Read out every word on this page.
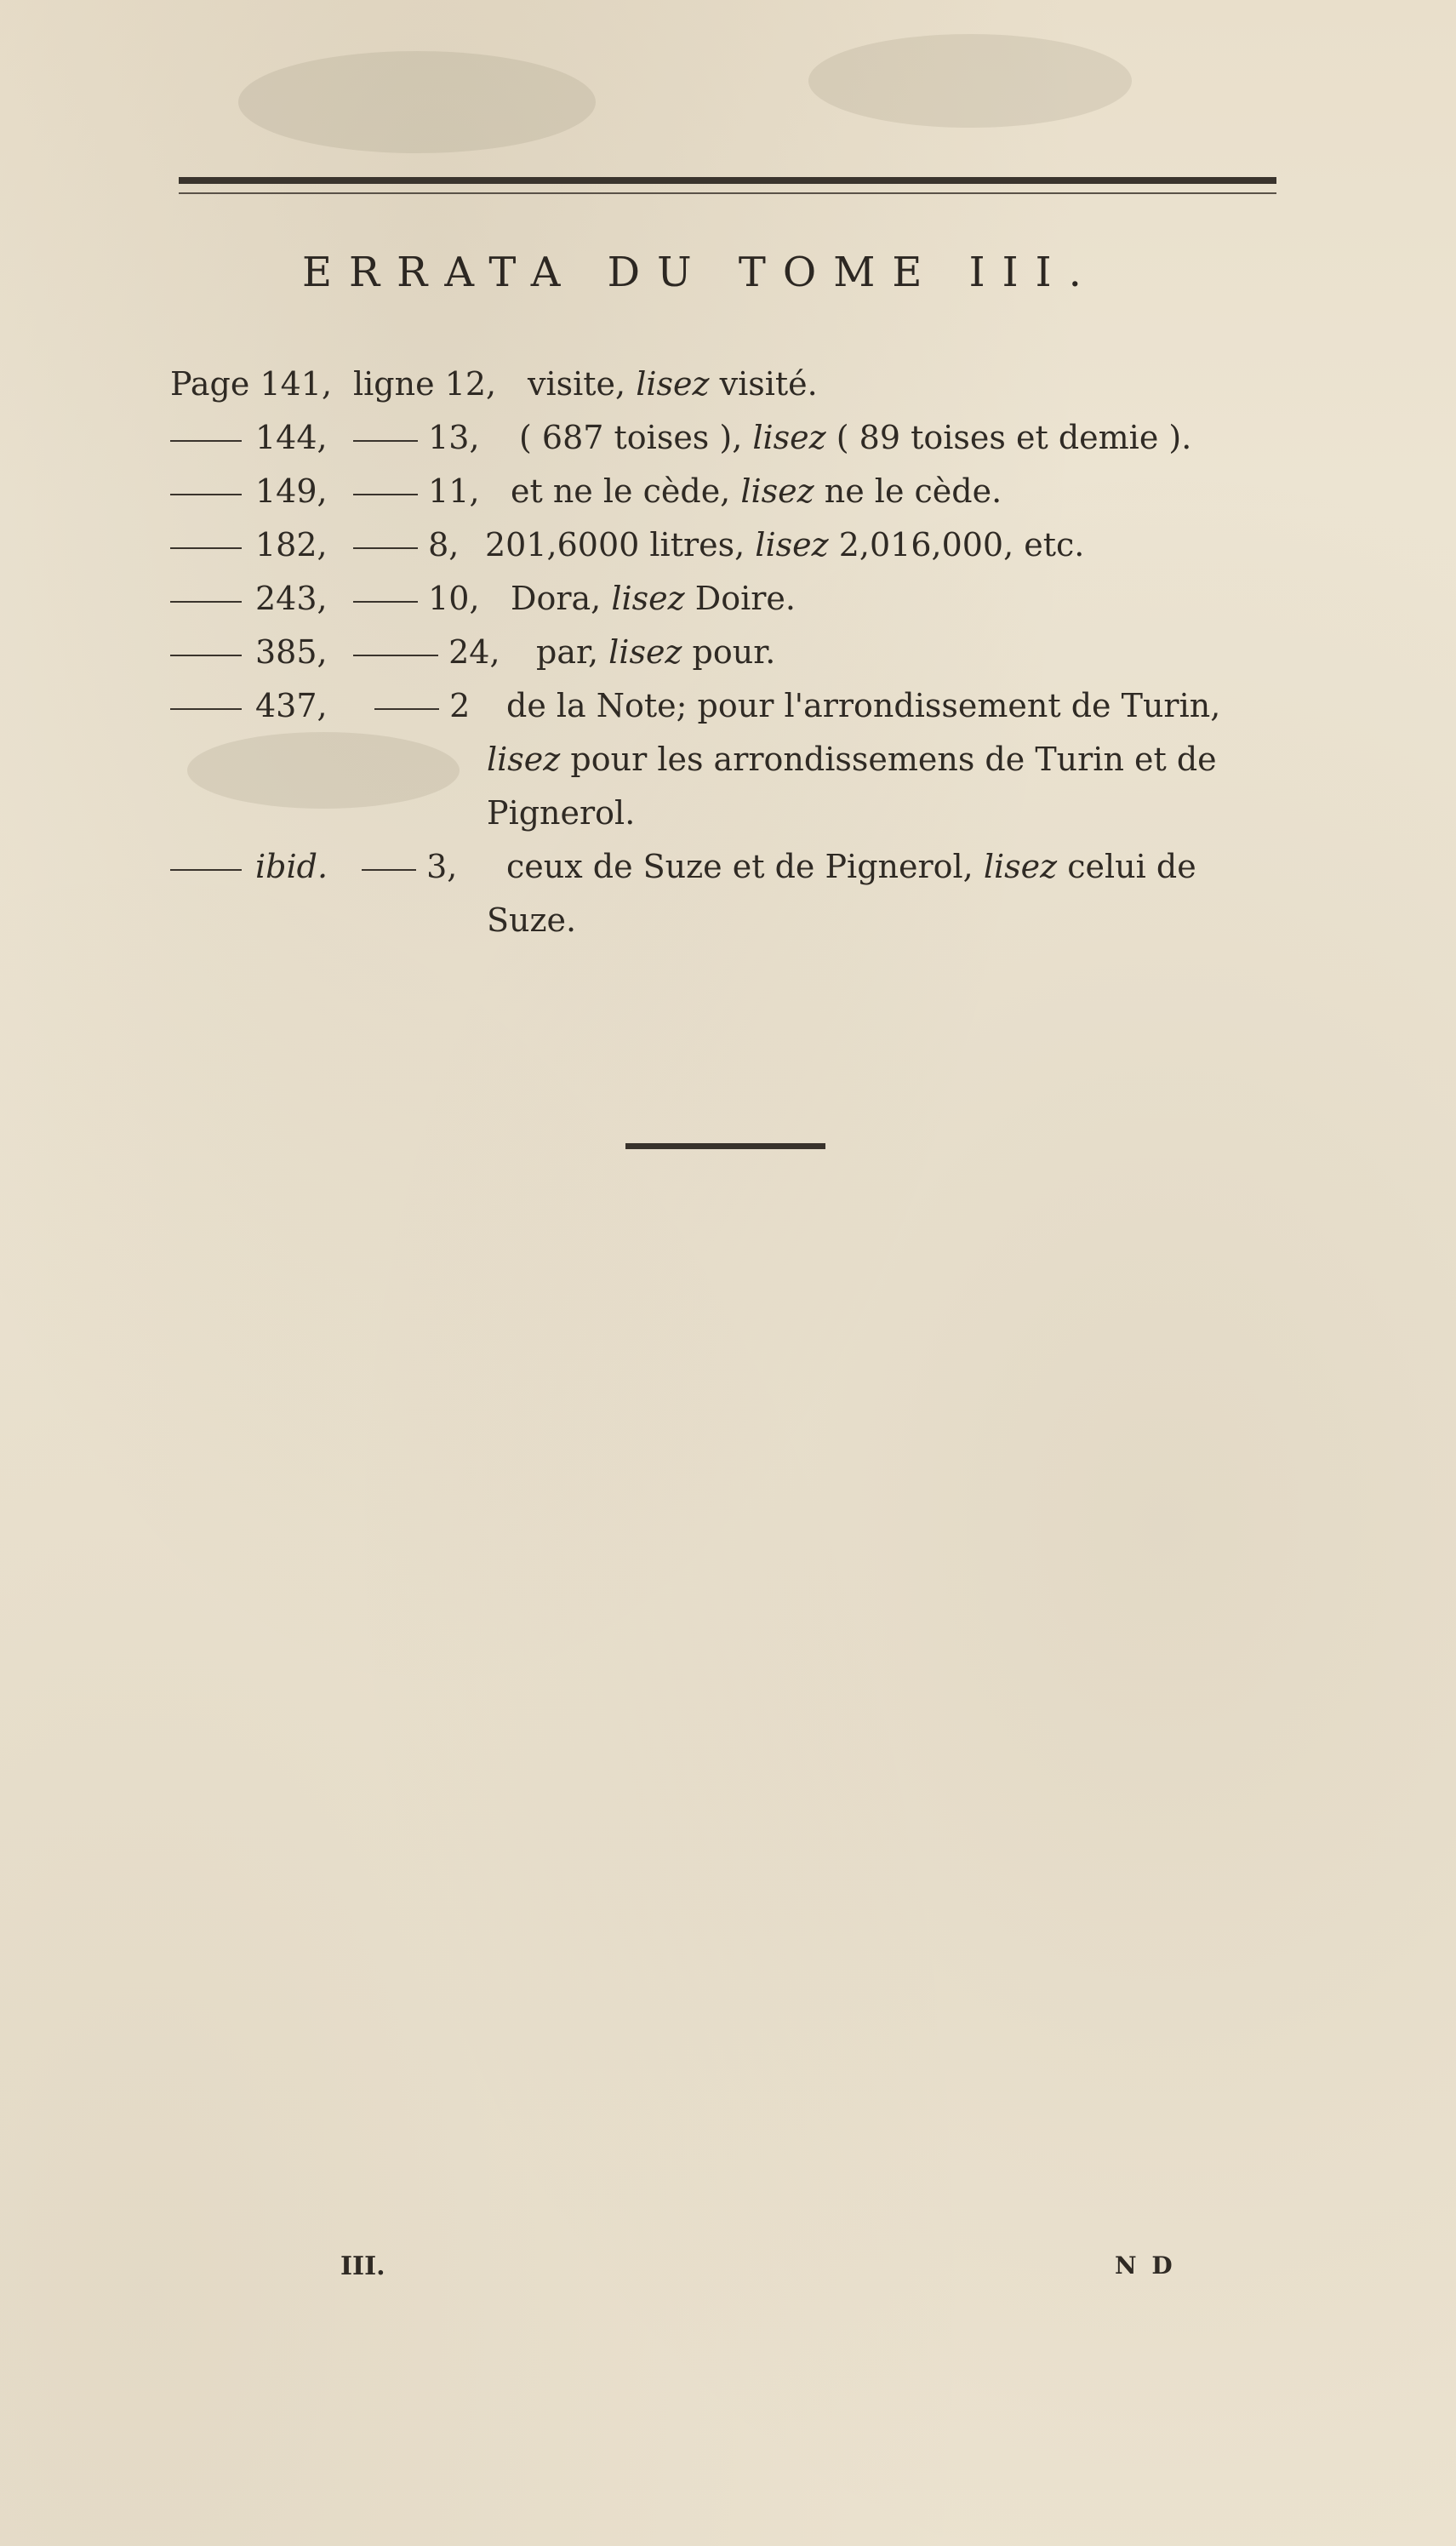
ERRATA DU TOME III.
Page 141, ligne 12, visite, lisez visité.
144,	13, ( 687 toises ), lisez ( 89 toises et demie ).
149,	11, et ne le cède, lisez ne le cède.
182,	8, 201,6000 litres, lisez 2,016,000, etc.
243,	10, Dora, lisez Doire.
385,	24, par, lisez pour.
437,	2 de la Note; pour l'arrondissement de Turin,
lisez pour les arrondissemens de Turin et de
Pignerol.
ibid.	3, ceux de Suze et de Pignerol, lisez celui de
Suze.
III.	N D
